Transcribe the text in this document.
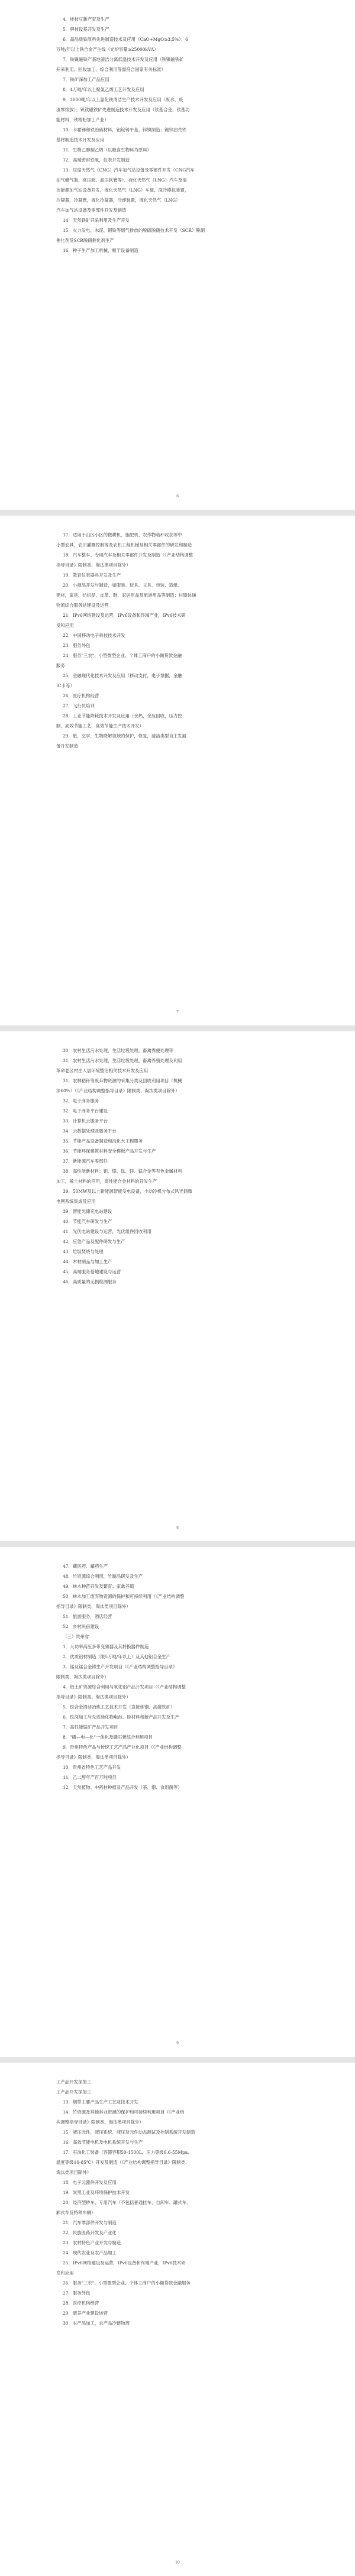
4．桂枝豆新产育及生产

5．牌枝设基开发及生产

6．高品质铁原料先进制造技术及应用（CaO+MgO≥3.5%）；6

万吨/年以上铁合金产生线（光炉容量≥25000kVA）

7．铁镍磁铁产基地清洁分离低温技术开发及应用（铁镍磁铁矿

开采利用、回收加工、综合利用等需符合国家有关标准）

7．铁矿深加工产品应用

8．4万吨/年以上聚氯乙烯工艺开发及应用

9．3000吨/年以上氯化铁清洁生产技术开发及应用（废水，废

渣零排放）；钒钛磁铁矿先进制造技术开发及应用（钛基合金，钛基功

能材料，铁精粉加工产业）

10．卡霍锑和铁冶硫材料，铝锭铸平基，锌镍制造；镀锌油壳铁

基材制造技术开发及应用

11．生物乙醇制乙烯（以粮食生物料为原料）

12．高端密封铁氧，仪表开发制造

13．压缩天然气（CNG）汽车加气站设备及零部件开发（CNG汽车

油气储气瓶、高压阀、高压软管等）、液化天然气（LNG）汽车及清

洁能源加气站设备开发，液化天然气（LNG）车载、深冷模拟装置，

冷凝器，冷凝管，液化冷凝器，冷却装置，液化天然气（LNG）

汽车加气站设备及零部件开发及制造

14．天然铁矿开采利用及生产开发

15．火力发电、水泥、钢铁等烟气排放的脱硫脱硝技术开发（SCR）脱硝

催化剂及SCR脱硝催化剂生产

16．种子生产加工机械，粮干设备制造

6

17．适用于山区小区的微耕机、施肥机、农作物秸秆收获等中

小型农具，农田灌溉控制等及农机工程机械及相关零部件的研发和制造

18．汽车整车、专用汽车及相关零部件开发及制造（《产业结构调整

指导目录》限制类、淘汰类项目除外）

19．教育仪表器具开发及生产

20．小商品开发与制造，如服装、玩具、文具、包装、造纸、

建材，家具、纺织品、皮革、鞋、家居用品及旅游用品等制造；村镇快递

物流综合服务站建设及运营

21．IPv6网络建设及运营，IPv6设备和终端产业，IPv6技术研

发和应用

22．中国移动电子科技技术开发

23．服务外包

24．服务"三农"、小型微型企业、个体工商户的小额贷款金融

服务

25．金融现代化技术开发及应用（移动支付，电子票据，金融

IC卡等）

26．医疗机构经营

27．飞行员培训

28．工业节能降耗技术开发及应用（余热，余压回收，压力控

制，高效节能工艺，高效节能生产技术开发）

29．旅，交学，生物降解领域的保护，修复，清洁类型自主发展

备开发制造

7

30．农村生活污水处理，生活垃圾处理，畜禽粪便处理等

31．农村生活污水处理，生活垃圾处理，畜禽养殖处理及利用

革命老区村庄人居环境整治相关技术开发及应用

31．农林秸秆等废弃物资源的采集分类及回收利用项目（机械

深60%）（《产业结构调整指导目录》限制类、淘汰类项目除外）

32．电子商务服务

32．电子商务平台建设

33．计算机云服务平台

34．云数据处理及服务平台

35．节能产品设备制造和油化大工程服务

36．节能环保建筑材料安全模板产品开发与生产

37．新能源汽车零部件

38．高性能新材料：铝、镁、钛、锌、锰合金等有色金属材料

加工，稀土材料的应用，高性能合金材料的开发生产

39．50MW及以上新能源智能发电设备，少动冷机分布式风光储微

电网系统集成及应用

39．智能光储充电站建设

40．节能汽车研发与生产

41．光伏电站建设与运营，光伏组件回收利用

42．应急产品及配件研发与生产

43．垃圾焚烧与处理

44．木材制品与加工生产

45．高端服务基地建设与运营

46．高质量的无损检测服务

8

47．藏医药、藏药生产

48．竹资源综合利用，竹制品研发及生产

49．林木种苗开发及繁育；家禽养殖

50．林木加工废弃物资源的保护和可持续利用（《产业结构调整

指导目录》限制类、淘汰类项目除外）

51．旅游服务，酒店经营

52．乡村民宿建设

（三）贵州省

1．大功率高压多带变频器及其转换器件制造

2．优质铝材制造（限5万吨/年以上）及其他铝合金生产

3．锰及锰合金铸生产开发项目（《产业结构调整指导目录》

限制类、淘汰类项目除外）

4．铝土矿资源综合利用与氧化铝产品开发项目（《产业结构调整

指导目录》限制类、淘汰类项目除外）

5．铁合金清洁冶炼工艺技术开发（直接炼钢、高磁铁矿）

6．铁深加工与先进硅化物电池、硅材料和新产品开发及生产

7．高性能锰矿产品开发项目

8．"磷—电—化"一体化及磷石膏综合利用项目

9．贵州特色产品与传统工艺产品产业化项目（《产业结构调整

指导目录》限制类、淘汰类项目除外）

10．贵州省特色工艺产品开发

11．乙二醇年产百万吨项目

12．天然植物、中药材种植及产品开发（茶、烟、食用菌等）

9

工产品开发深加工

工产品开发深加工

13．烟草主要产品生产工艺及技术开发

14．竹资源及其他林业资源的保护和可持续利用项目（《产业结

构调整指导目录》限制类、淘汰类项目除外）

15．液压元件，液压系统、液压及元件动态测试及控制系统开发制造

16．高效节能电机及电机系统开发与生产

17．石油化工装备（容器容积50-1500L、压力等级9.6-55Mpa、

温度等级10-85℃）开发及制造（《产业结构调整指导目录》限制类、

淘汰类项目除外）

18．电子元器件开发及应用

19．炭黑工业及环境保护技术开发

20．经济型轿车、专用汽车（不包括普通挂车、自卸车、罐式车、

厢式车及特种车辆）

21．汽车零部件开发与制造

22．民族医药开发及产业化

23．农村特色产业开发与制造

24．现代农业及农产品加工

25．IPv6网络建设及运营，IPv6设备和终端产业，IPv6技术研

发和应用

26．服务"三农"、小型微型企业、个体工商户的小额贷款金融服务

27．服务外包

28．医疗机构经营

29．康养产业建设运营

30．农产品加工，农产品冷链物流

10
